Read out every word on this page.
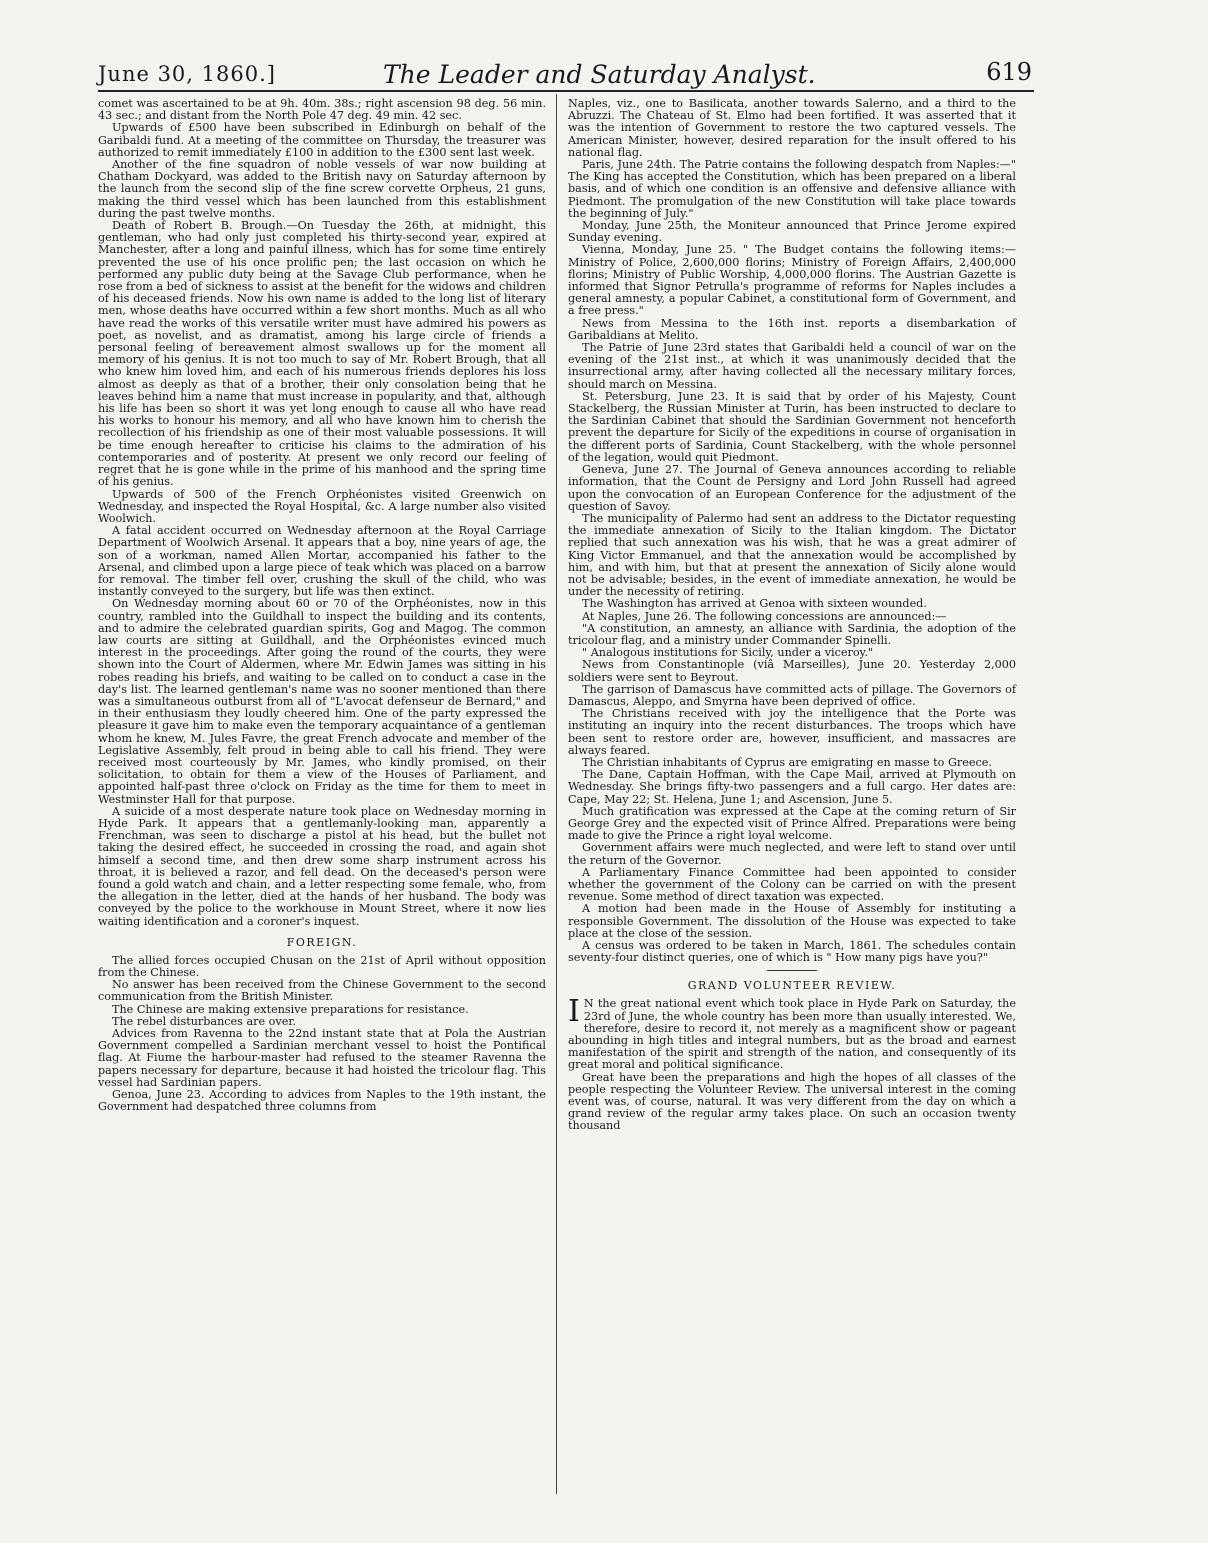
June 30, 1860.]	The Leader and Saturday Analyst.	619

comet was ascertained to be at 9h. 40m. 38s.; right ascension 98 deg. 56 min. 43 sec.; and distant from the North Pole 47 deg. 49 min. 42 sec.

Upwards of £500 have been subscribed in Edinburgh on behalf of the Garibaldi fund. At a meeting of the committee on Thursday, the treasurer was authorized to remit immediately £100 in addition to the £300 sent last week.

Another of the fine squadron of noble vessels of war now building at Chatham Dockyard, was added to the British navy on Saturday afternoon by the launch from the second slip of the fine screw corvette Orpheus, 21 guns, making the third vessel which has been launched from this establishment during the past twelve months.

Death of Robert B. Brough.—On Tuesday the 26th, at midnight, this gentleman, who had only just completed his thirty-second year, expired at Manchester, after a long and painful illness, which has for some time entirely prevented the use of his once prolific pen; the last occasion on which he performed any public duty being at the Savage Club performance, when he rose from a bed of sickness to assist at the benefit for the widows and children of his deceased friends. Now his own name is added to the long list of literary men, whose deaths have occurred within a few short months. Much as all who have read the works of this versatile writer must have admired his powers as poet, as novelist, and as dramatist, among his large circle of friends a personal feeling of bereavement almost swallows up for the moment all memory of his genius. It is not too much to say of Mr. Robert Brough, that all who knew him loved him, and each of his numerous friends deplores his loss almost as deeply as that of a brother, their only consolation being that he leaves behind him a name that must increase in popularity, and that, although his life has been so short it was yet long enough to cause all who have read his works to honour his memory, and all who have known him to cherish the recollection of his friendship as one of their most valuable possessions. It will be time enough hereafter to criticise his claims to the admiration of his contemporaries and of posterity. At present we only record our feeling of regret that he is gone while in the prime of his manhood and the spring time of his genius.

Upwards of 500 of the French Orphéonistes visited Greenwich on Wednesday, and inspected the Royal Hospital, &c. A large number also visited Woolwich.

A fatal accident occurred on Wednesday afternoon at the Royal Carriage Department of Woolwich Arsenal. It appears that a boy, nine years of age, the son of a workman, named Allen Mortar, accompanied his father to the Arsenal, and climbed upon a large piece of teak which was placed on a barrow for removal. The timber fell over, crushing the skull of the child, who was instantly conveyed to the surgery, but life was then extinct.

On Wednesday morning about 60 or 70 of the Orphéonistes, now in this country, rambled into the Guildhall to inspect the building and its contents, and to admire the celebrated guardian spirits, Gog and Magog. The common law courts are sitting at Guildhall, and the Orphéonistes evinced much interest in the proceedings. After going the round of the courts, they were shown into the Court of Aldermen, where Mr. Edwin James was sitting in his robes reading his briefs, and waiting to be called on to conduct a case in the day's list. The learned gentleman's name was no sooner mentioned than there was a simultaneous outburst from all of "L'avocat defenseur de Bernard," and in their enthusiasm they loudly cheered him. One of the party expressed the pleasure it gave him to make even the temporary acquaintance of a gentleman whom he knew, M. Jules Favre, the great French advocate and member of the Legislative Assembly, felt proud in being able to call his friend. They were received most courteously by Mr. James, who kindly promised, on their solicitation, to obtain for them a view of the Houses of Parliament, and appointed half-past three o'clock on Friday as the time for them to meet in Westminster Hall for that purpose.

A suicide of a most desperate nature took place on Wednesday morning in Hyde Park. It appears that a gentlemanly-looking man, apparently a Frenchman, was seen to discharge a pistol at his head, but the bullet not taking the desired effect, he succeeded in crossing the road, and again shot himself a second time, and then drew some sharp instrument across his throat, it is believed a razor, and fell dead. On the deceased's person were found a gold watch and chain, and a letter respecting some female, who, from the allegation in the letter, died at the hands of her husband. The body was conveyed by the police to the workhouse in Mount Street, where it now lies waiting identification and a coroner's inquest.

FOREIGN.

The allied forces occupied Chusan on the 21st of April without opposition from the Chinese.

No answer has been received from the Chinese Government to the second communication from the British Minister.

The Chinese are making extensive preparations for resistance.

The rebel disturbances are over.

Advices from Ravenna to the 22nd instant state that at Pola the Austrian Government compelled a Sardinian merchant vessel to hoist the Pontifical flag. At Fiume the harbour-master had refused to the steamer Ravenna the papers necessary for departure, because it had hoisted the tricolour flag. This vessel had Sardinian papers.

Genoa, June 23. According to advices from Naples to the 19th instant, the Government had despatched three columns from

Naples, viz., one to Basilicata, another towards Salerno, and a third to the Abruzzi. The Chateau of St. Elmo had been fortified. It was asserted that it was the intention of Government to restore the two captured vessels. The American Minister, however, desired reparation for the insult offered to his national flag.

Paris, June 24th. The Patrie contains the following despatch from Naples:—" The King has accepted the Constitution, which has been prepared on a liberal basis, and of which one condition is an offensive and defensive alliance with Piedmont. The promulgation of the new Constitution will take place towards the beginning of July."

Monday, June 25th, the Moniteur announced that Prince Jerome expired Sunday evening.

Vienna, Monday, June 25. " The Budget contains the following items:—Ministry of Police, 2,600,000 florins; Ministry of Foreign Affairs, 2,400,000 florins; Ministry of Public Worship, 4,000,000 florins. The Austrian Gazette is informed that Signor Petrulla's programme of reforms for Naples includes a general amnesty, a popular Cabinet, a constitutional form of Government, and a free press."

News from Messina to the 16th inst. reports a disembarkation of Garibaldians at Melito.

The Patrie of June 23rd states that Garibaldi held a council of war on the evening of the 21st inst., at which it was unanimously decided that the insurrectional army, after having collected all the necessary military forces, should march on Messina.

St. Petersburg, June 23. It is said that by order of his Majesty, Count Stackelberg, the Russian Minister at Turin, has been instructed to declare to the Sardinian Cabinet that should the Sardinian Government not henceforth prevent the departure for Sicily of the expeditions in course of organisation in the different ports of Sardinia, Count Stackelberg, with the whole personnel of the legation, would quit Piedmont.

Geneva, June 27. The Journal of Geneva announces according to reliable information, that the Count de Persigny and Lord John Russell had agreed upon the convocation of an European Conference for the adjustment of the question of Savoy.

The municipality of Palermo had sent an address to the Dictator requesting the immediate annexation of Sicily to the Italian kingdom. The Dictator replied that such annexation was his wish, that he was a great admirer of King Victor Emmanuel, and that the annexation would be accomplished by him, and with him, but that at present the annexation of Sicily alone would not be advisable; besides, in the event of immediate annexation, he would be under the necessity of retiring.

The Washington has arrived at Genoa with sixteen wounded.

At Naples, June 26. The following concessions are announced:—

"A constitution, an amnesty, an alliance with Sardinia, the adoption of the tricolour flag, and a ministry under Commander Spinelli.

" Analogous institutions for Sicily, under a viceroy."

News from Constantinople (viâ Marseilles), June 20. Yesterday 2,000 soldiers were sent to Beyrout.

The garrison of Damascus have committed acts of pillage. The Governors of Damascus, Aleppo, and Smyrna have been deprived of office.

The Christians received with joy the intelligence that the Porte was instituting an inquiry into the recent disturbances. The troops which have been sent to restore order are, however, insufficient, and massacres are always feared.

The Christian inhabitants of Cyprus are emigrating en masse to Greece.

The Dane, Captain Hoffman, with the Cape Mail, arrived at Plymouth on Wednesday. She brings fifty-two passengers and a full cargo. Her dates are: Cape, May 22; St. Helena, June 1; and Ascension, June 5.

Much gratification was expressed at the Cape at the coming return of Sir George Grey and the expected visit of Prince Alfred. Preparations were being made to give the Prince a right loyal welcome.

Government affairs were much neglected, and were left to stand over until the return of the Governor.

A Parliamentary Finance Committee had been appointed to consider whether the government of the Colony can be carried on with the present revenue. Some method of direct taxation was expected.

A motion had been made in the House of Assembly for instituting a responsible Government. The dissolution of the House was expected to take place at the close of the session.

A census was ordered to be taken in March, 1861. The schedules contain seventy-four distinct queries, one of which is " How many pigs have you?"

GRAND VOLUNTEER REVIEW.

I N the great national event which took place in Hyde Park on Saturday, the 23rd of June, the whole country has been more than usually interested. We, therefore, desire to record it, not merely as a magnificent show or pageant abounding in high titles and integral numbers, but as the broad and earnest manifestation of the spirit and strength of the nation, and consequently of its great moral and political significance.

Great have been the preparations and high the hopes of all classes of the people respecting the Volunteer Review. The universal interest in the coming event was, of course, natural. It was very different from the day on which a grand review of the regular army takes place. On such an occasion twenty thousand
